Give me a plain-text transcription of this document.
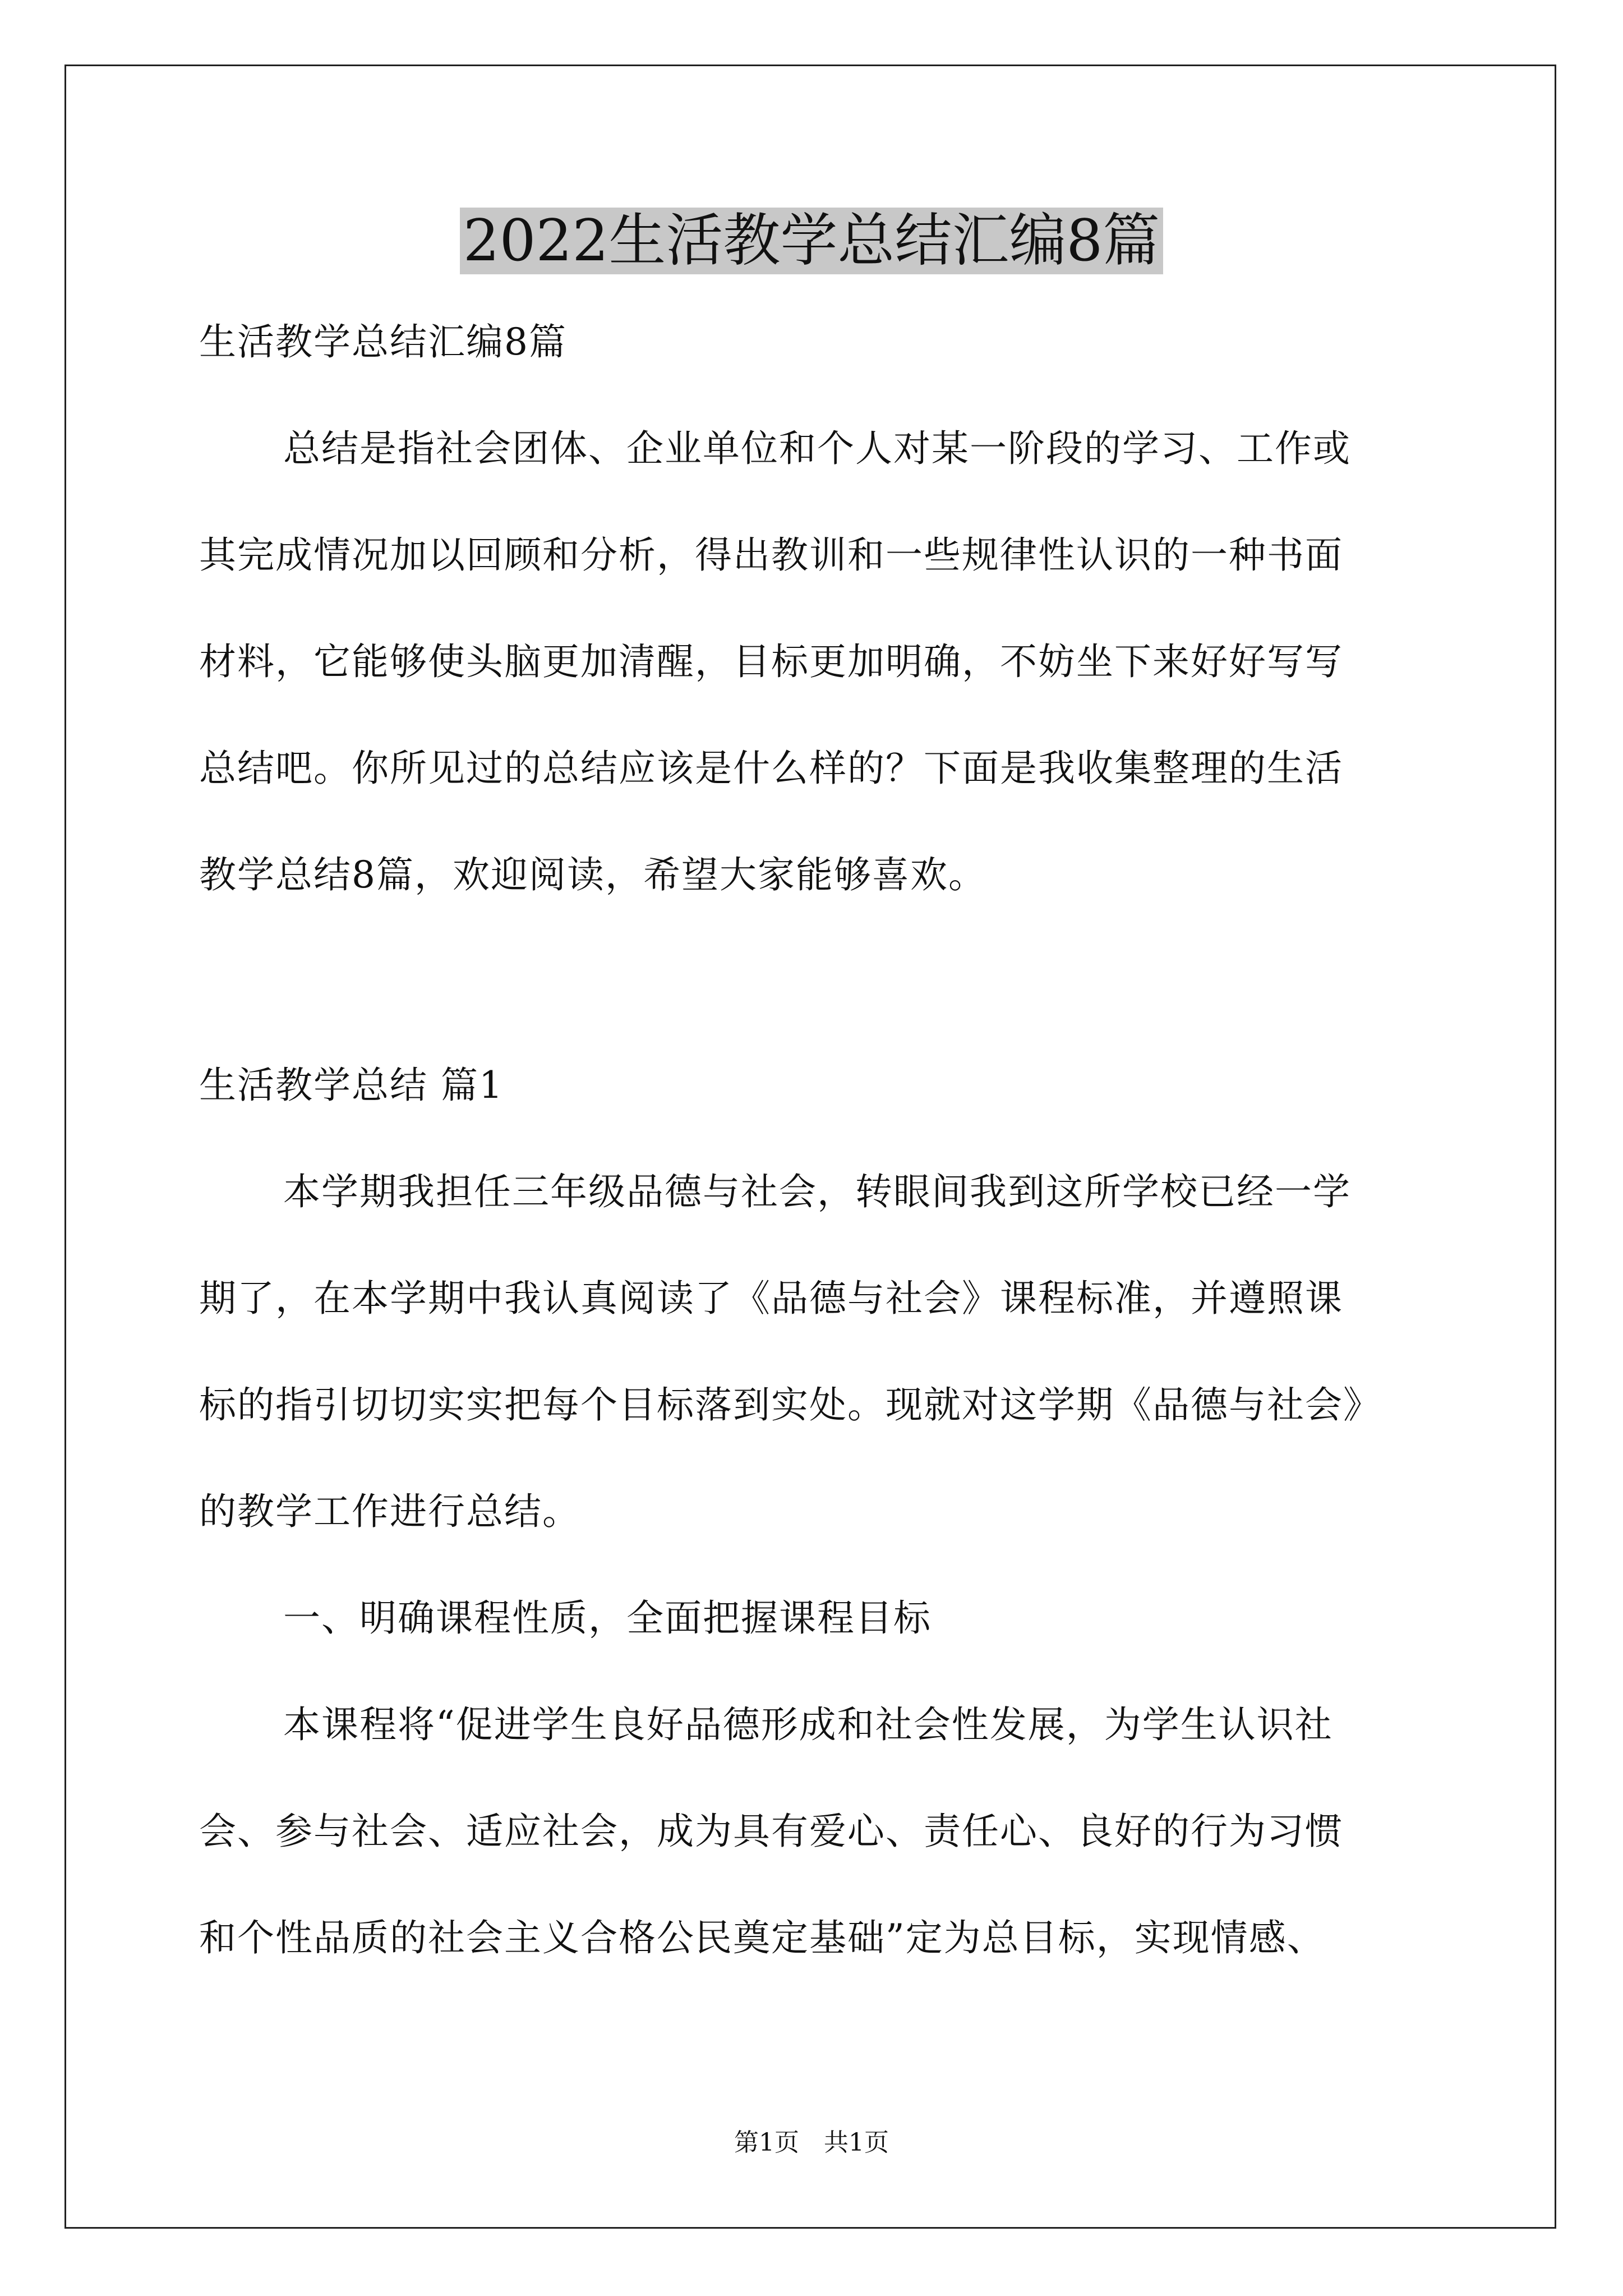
2022生活教学总结汇编8篇
生活教学总结汇编8篇
总结是指社会团体、企业单位和个人对某一阶段的学习、工作或
其完成情况加以回顾和分析，得出教训和一些规律性认识的一种书面
材料，它能够使头脑更加清醒，目标更加明确，不妨坐下来好好写写
总结吧。你所见过的总结应该是什么样的？下面是我收集整理的生活
教学总结8篇，欢迎阅读，希望大家能够喜欢。
生活教学总结 篇1
本学期我担任三年级品德与社会，转眼间我到这所学校已经一学
期了，在本学期中我认真阅读了《品德与社会》课程标准，并遵照课
标的指引切切实实把每个目标落到实处。现就对这学期《品德与社会》
的教学工作进行总结。
一、明确课程性质，全面把握课程目标
本课程将“促进学生良好品德形成和社会性发展，为学生认识社
会、参与社会、适应社会，成为具有爱心、责任心、良好的行为习惯
和个性品质的社会主义合格公民奠定基础”定为总目标，实现情感、
第1页　共1页
